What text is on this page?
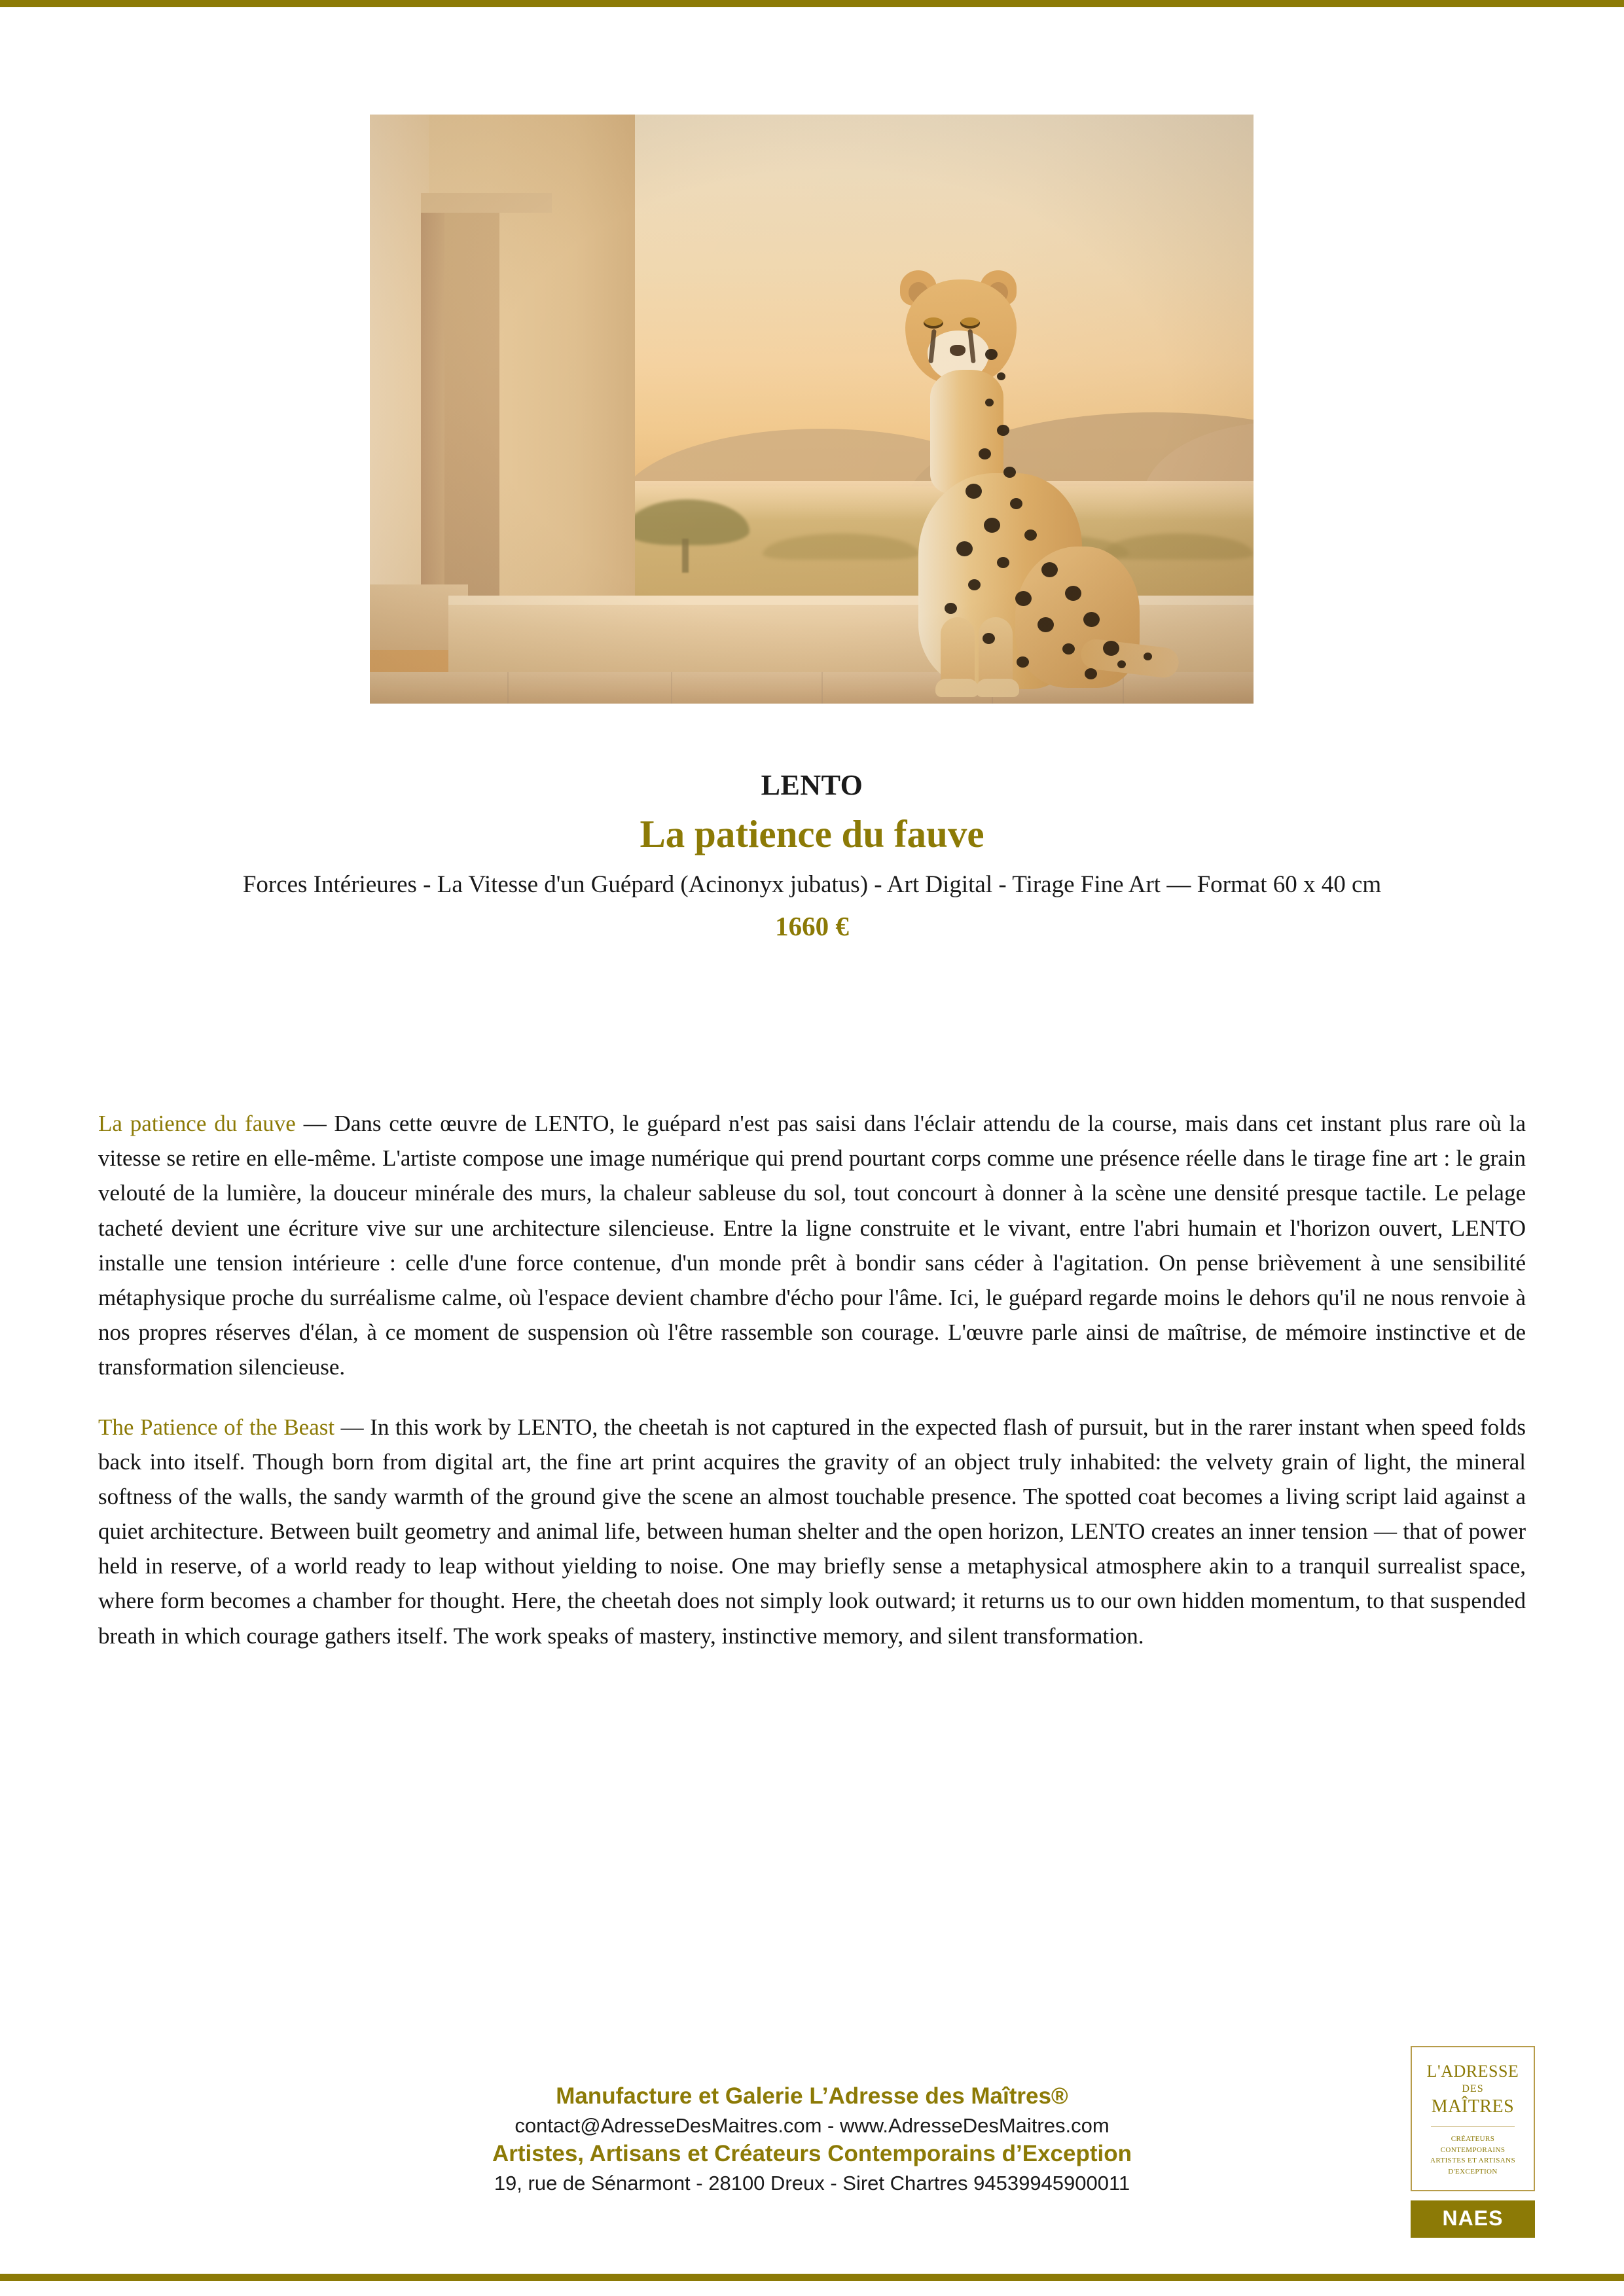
LENTO
La patience du fauve
Forces Intérieures - La Vitesse d'un Guépard (Acinonyx jubatus) - Art Digital - Tirage Fine Art — Format 60 x 40 cm
1660 €

La patience du fauve — Dans cette œuvre de LENTO, le guépard n'est pas saisi dans l'éclair attendu de la course, mais dans cet instant plus rare où la vitesse se retire en elle-même. L'artiste compose une image numérique qui prend pourtant corps comme une présence réelle dans le tirage fine art : le grain velouté de la lumière, la douceur minérale des murs, la chaleur sableuse du sol, tout concourt à donner à la scène une densité presque tactile. Le pelage tacheté devient une écriture vive sur une architecture silencieuse. Entre la ligne construite et le vivant, entre l'abri humain et l'horizon ouvert, LENTO installe une tension intérieure : celle d'une force contenue, d'un monde prêt à bondir sans céder à l'agitation. On pense brièvement à une sensibilité métaphysique proche du surréalisme calme, où l'espace devient chambre d'écho pour l'âme. Ici, le guépard regarde moins le dehors qu'il ne nous renvoie à nos propres réserves d'élan, à ce moment de suspension où l'être rassemble son courage. L'œuvre parle ainsi de maîtrise, de mémoire instinctive et de transformation silencieuse.

The Patience of the Beast — In this work by LENTO, the cheetah is not captured in the expected flash of pursuit, but in the rarer instant when speed folds back into itself. Though born from digital art, the fine art print acquires the gravity of an object truly inhabited: the velvety grain of light, the mineral softness of the walls, the sandy warmth of the ground give the scene an almost touchable presence. The spotted coat becomes a living script laid against a quiet architecture. Between built geometry and animal life, between human shelter and the open horizon, LENTO creates an inner tension — that of power held in reserve, of a world ready to leap without yielding to noise. One may briefly sense a metaphysical atmosphere akin to a tranquil surrealist space, where form becomes a chamber for thought. Here, the cheetah does not simply look outward; it returns us to our own hidden momentum, to that suspended breath in which courage gathers itself. The work speaks of mastery, instinctive memory, and silent transformation.

Manufacture et Galerie L’Adresse des Maîtres®
contact@AdresseDesMaitres.com - www.AdresseDesMaitres.com
Artistes, Artisans et Créateurs Contemporains d’Exception
19, rue de Sénarmont - 28100 Dreux - Siret Chartres 94539945900011
L'ADRESSE
DES
MAÎTRES
CRÉATEURS CONTEMPORAINS
ARTISTES ET ARTISANS
D'EXCEPTION
NAES
